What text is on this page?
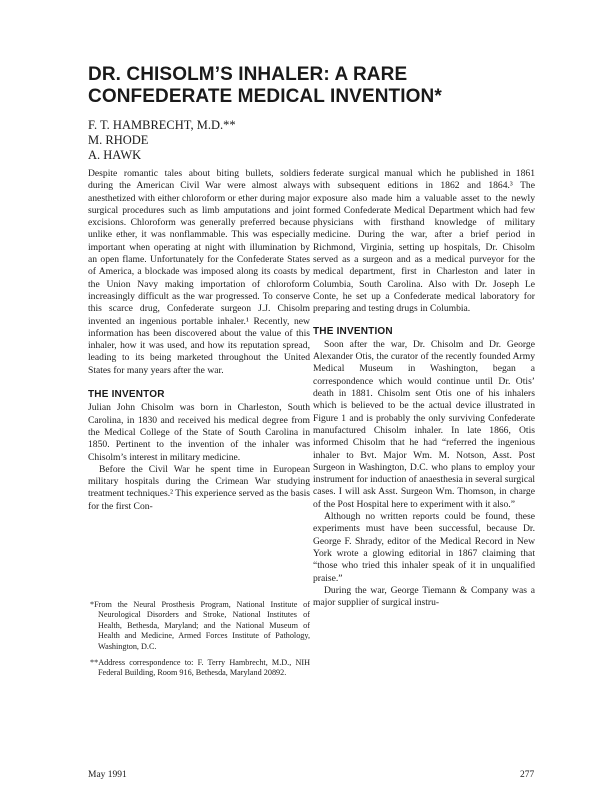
DR. CHISOLM’S INHALER: A RARE
CONFEDERATE MEDICAL INVENTION*
F. T. HAMBRECHT, M.D.**
M. RHODE
A. HAWK

Despite romantic tales about biting bullets, soldiers during the American Civil War were almost always anesthetized with either chloroform or ether during major surgical procedures such as limb amputations and joint excisions. Chloroform was generally preferred because unlike ether, it was nonflammable. This was especially important when operating at night with illumination by an open flame. Unfortunately for the Confederate States of America, a blockade was imposed along its coasts by the Union Navy making importation of chloroform increasingly difficult as the war progressed. To conserve this scarce drug, Confederate surgeon J.J. Chisolm invented an ingenious portable inhaler.¹ Recently, new information has been discovered about the value of this inhaler, how it was used, and how its reputation spread, leading to its being marketed throughout the United States for many years after the war.

THE INVENTOR

Julian John Chisolm was born in Charleston, South Carolina, in 1830 and received his medical degree from the Medical College of the State of South Carolina in 1850. Pertinent to the invention of the inhaler was Chisolm’s interest in military medicine.

Before the Civil War he spent time in European military hospitals during the Crimean War studying treatment techniques.² This experience served as the basis for the first Con-

*From the Neural Prosthesis Program, National Institute of Neurological Disorders and Stroke, National Institutes of Health, Bethesda, Maryland; and the National Museum of Health and Medicine, Armed Forces Institute of Pathology, Washington, D.C.

**Address correspondence to: F. Terry Hambrecht, M.D., NIH Federal Building, Room 916, Bethesda, Maryland 20892.

federate surgical manual which he published in 1861 with subsequent editions in 1862 and 1864.³ The exposure also made him a valuable asset to the newly formed Confederate Medical Department which had few physicians with firsthand knowledge of military medicine. During the war, after a brief period in Richmond, Virginia, setting up hospitals, Dr. Chisolm served as a surgeon and as a medical purveyor for the medical department, first in Charleston and later in Columbia, South Carolina. Also with Dr. Joseph Le Conte, he set up a Confederate medical laboratory for preparing and testing drugs in Columbia.

THE INVENTION

Soon after the war, Dr. Chisolm and Dr. George Alexander Otis, the curator of the recently founded Army Medical Museum in Washington, began a correspondence which would continue until Dr. Otis’ death in 1881. Chisolm sent Otis one of his inhalers which is believed to be the actual device illustrated in Figure 1 and is probably the only surviving Confederate manufactured Chisolm inhaler. In late 1866, Otis informed Chisolm that he had “referred the ingenious inhaler to Bvt. Major Wm. M. Notson, Asst. Post Surgeon in Washington, D.C. who plans to employ your instrument for induction of anaesthesia in several surgical cases. I will ask Asst. Surgeon Wm. Thomson, in charge of the Post Hospital here to experiment with it also.”

Although no written reports could be found, these experiments must have been successful, because Dr. George F. Shrady, editor of the Medical Record in New York wrote a glowing editorial in 1867 claiming that “those who tried this inhaler speak of it in unqualified praise.”

During the war, George Tiemann & Company was a major supplier of surgical instru-

May 1991	277
